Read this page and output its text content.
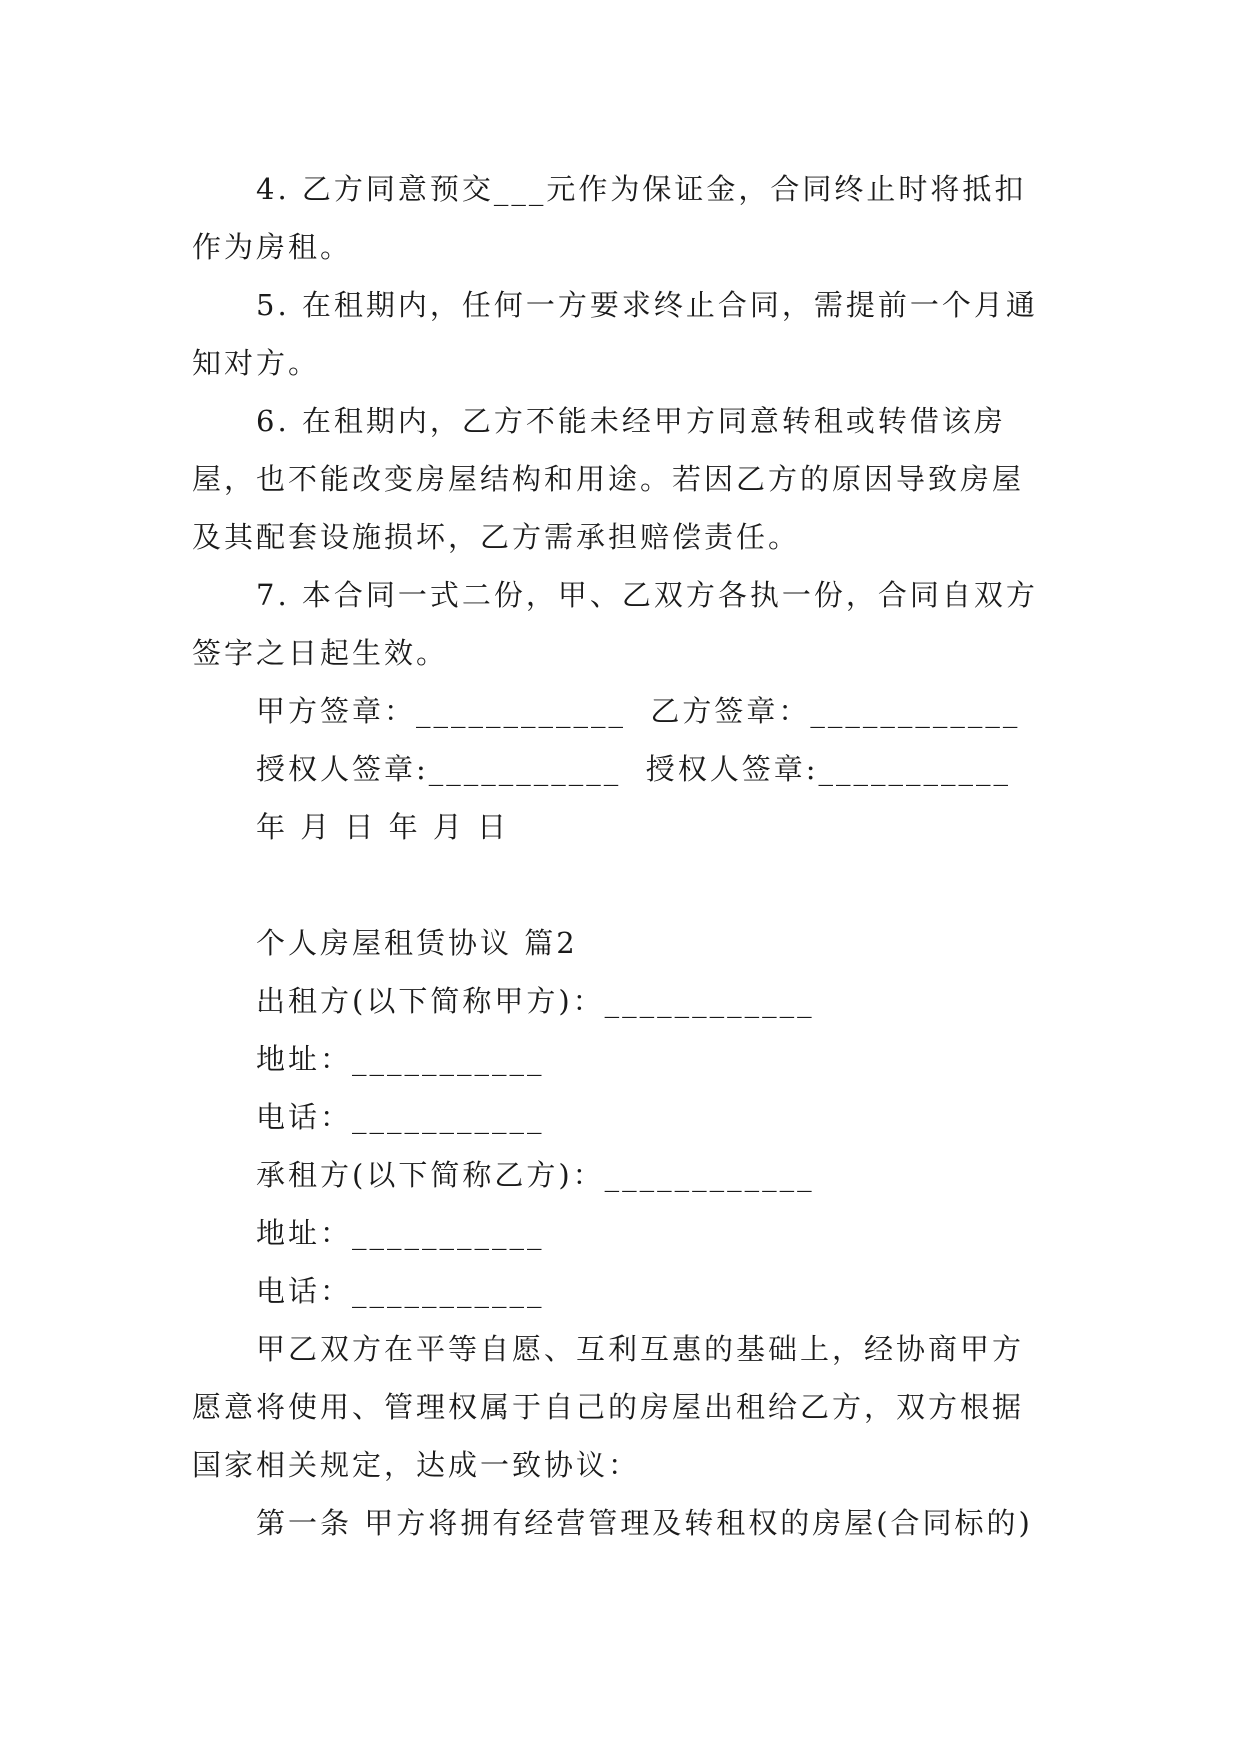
4. 乙方同意预交___元作为保证金，合同终止时将抵扣作为房租。

5. 在租期内，任何一方要求终止合同，需提前一个月通知对方。

6. 在租期内，乙方不能未经甲方同意转租或转借该房屋，也不能改变房屋结构和用途。若因乙方的原因导致房屋及其配套设施损坏，乙方需承担赔偿责任。

7. 本合同一式二份，甲、乙双方各执一份，合同自双方签字之日起生效。

甲方签章：____________  乙方签章：____________

授权人签章:___________  授权人签章:___________

年 月 日 年 月 日

个人房屋租赁协议 篇2

出租方(以下简称甲方)：____________

地址：___________

电话：___________

承租方(以下简称乙方)：____________

地址：___________

电话：___________

甲乙双方在平等自愿、互利互惠的基础上，经协商甲方愿意将使用、管理权属于自己的房屋出租给乙方，双方根据国家相关规定，达成一致协议：

第一条 甲方将拥有经营管理及转租权的房屋(合同标的)
